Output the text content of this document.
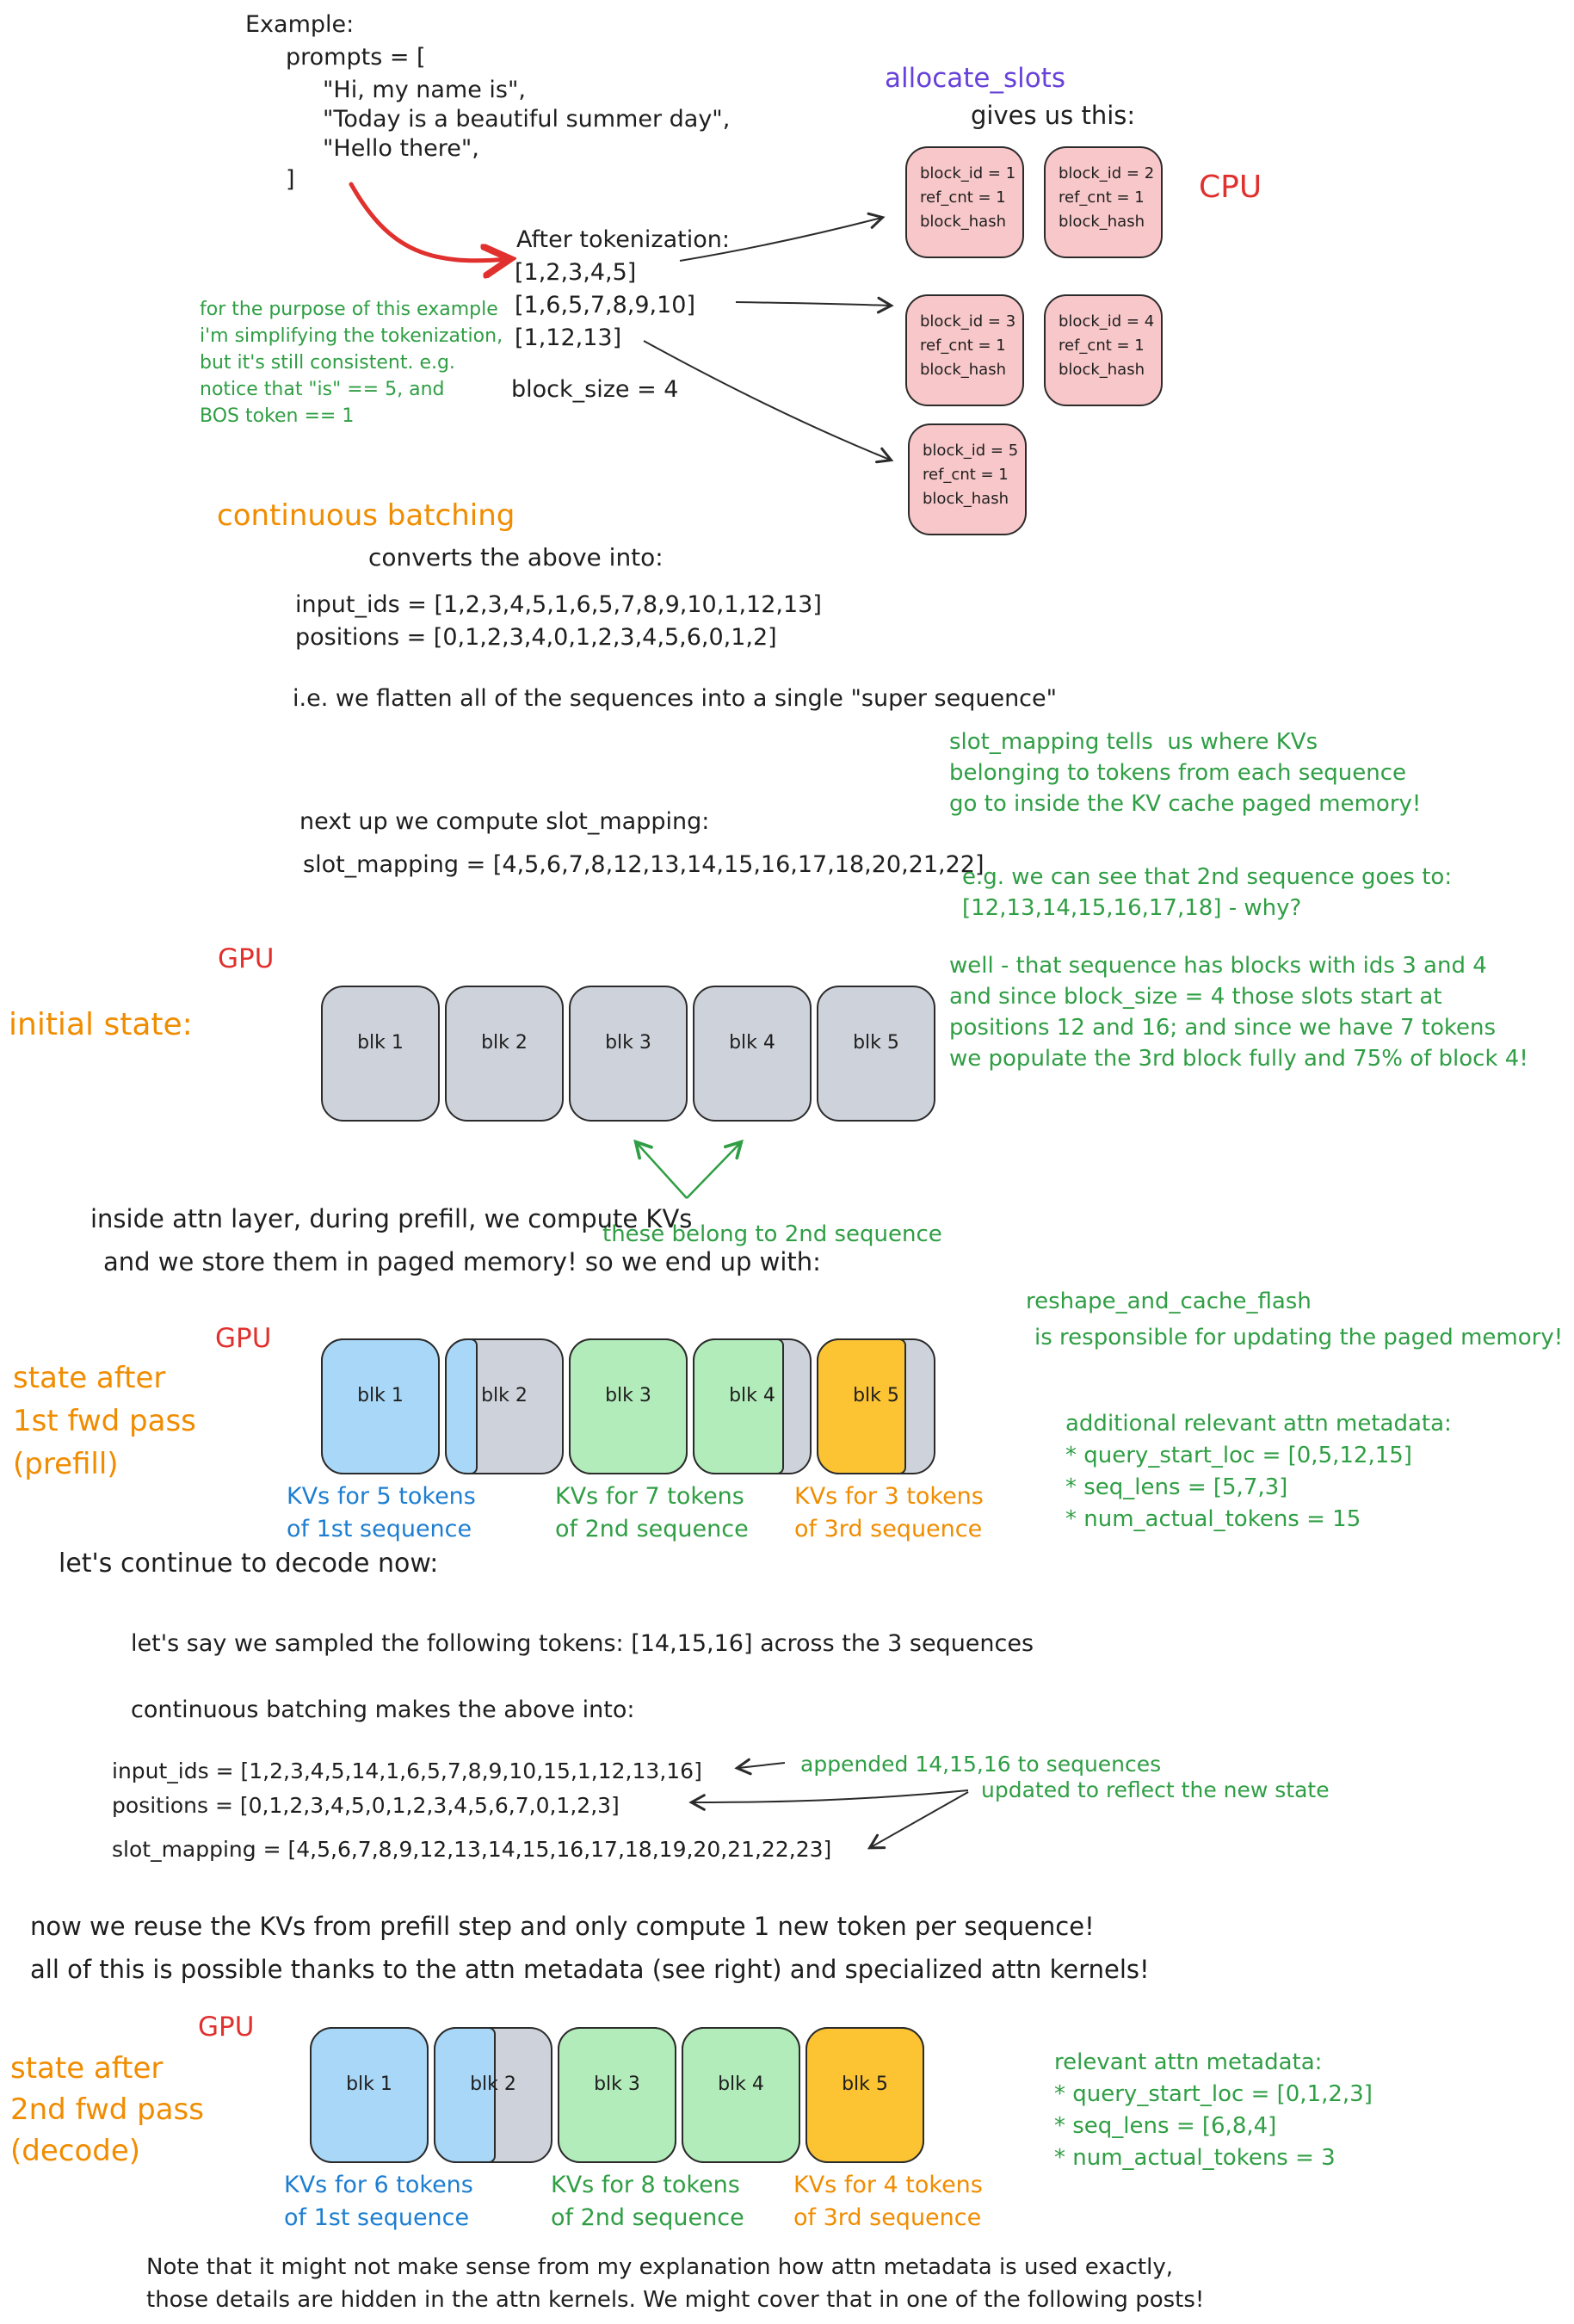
Example:
prompts = [
"Hi, my name is",
"Today is a beautiful summer day",
"Hello there",
]
allocate_slots
gives us this:
CPU
block_id = 1
ref_cnt = 1
block_hash
block_id = 2
ref_cnt = 1
block_hash
block_id = 3
ref_cnt = 1
block_hash
block_id = 4
ref_cnt = 1
block_hash
block_id = 5
ref_cnt = 1
block_hash
After tokenization:
[1,2,3,4,5]
[1,6,5,7,8,9,10]
[1,12,13]
block_size = 4
for the purpose of this example
i'm simplifying the tokenization,
but it's still consistent. e.g.
notice that "is" == 5, and
BOS token == 1
continuous batching
converts the above into:
input_ids = [1,2,3,4,5,1,6,5,7,8,9,10,1,12,13]
positions = [0,1,2,3,4,0,1,2,3,4,5,6,0,1,2]
i.e. we flatten all of the sequences into a single "super sequence"
slot_mapping tells  us where KVs
belonging to tokens from each sequence
go to inside the KV cache paged memory!
next up we compute slot_mapping:
slot_mapping = [4,5,6,7,8,12,13,14,15,16,17,18,20,21,22]
e.g. we can see that 2nd sequence goes to:
[12,13,14,15,16,17,18] - why?
well - that sequence has blocks with ids 3 and 4
and since block_size = 4 those slots start at
positions 12 and 16; and since we have 7 tokens
we populate the 3rd block fully and 75% of block 4!
GPU
initial state:
blk 1	blk 2	blk 3	blk 4	blk 5
these belong to 2nd sequence
inside attn layer, during prefill, we compute KVs
and we store them in paged memory! so we end up with:
GPU
state after
1st fwd pass
(prefill)
blk 1	blk 2	blk 3	blk 4	blk 5
KVs for 5 tokens
of 1st sequence
KVs for 7 tokens
of 2nd sequence
KVs for 3 tokens
of 3rd sequence
reshape_and_cache_flash
is responsible for updating the paged memory!
additional relevant attn metadata:
* query_start_loc = [0,5,12,15]
* seq_lens = [5,7,3]
* num_actual_tokens = 15
let's continue to decode now:
let's say we sampled the following tokens: [14,15,16] across the 3 sequences
continuous batching makes the above into:
input_ids = [1,2,3,4,5,14,1,6,5,7,8,9,10,15,1,12,13,16]
positions = [0,1,2,3,4,5,0,1,2,3,4,5,6,7,0,1,2,3]
slot_mapping = [4,5,6,7,8,9,12,13,14,15,16,17,18,19,20,21,22,23]
appended 14,15,16 to sequences
updated to reflect the new state
now we reuse the KVs from prefill step and only compute 1 new token per sequence!
all of this is possible thanks to the attn metadata (see right) and specialized attn kernels!
GPU
state after
2nd fwd pass
(decode)
blk 1	blk 2	blk 3	blk 4	blk 5
KVs for 6 tokens
of 1st sequence
KVs for 8 tokens
of 2nd sequence
KVs for 4 tokens
of 3rd sequence
relevant attn metadata:
* query_start_loc = [0,1,2,3]
* seq_lens = [6,8,4]
* num_actual_tokens = 3
Note that it might not make sense from my explanation how attn metadata is used exactly,
those details are hidden in the attn kernels. We might cover that in one of the following posts!
